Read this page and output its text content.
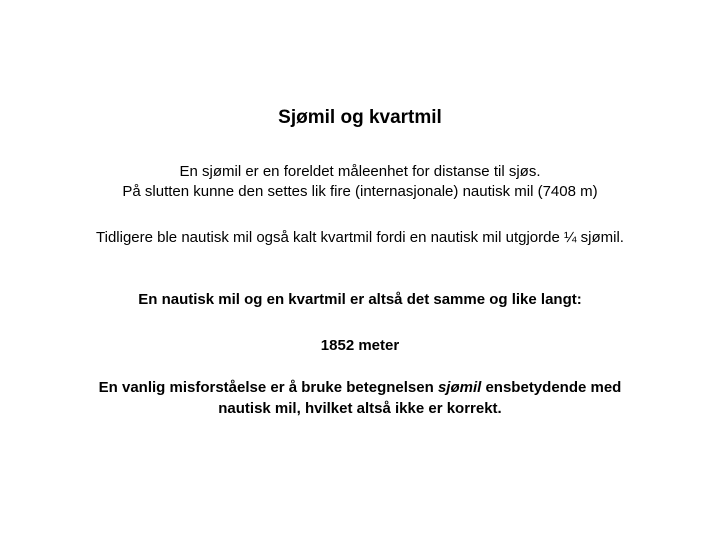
Sjømil og kvartmil
En sjømil er en foreldet måleenhet for distanse til sjøs.
På slutten kunne den settes lik fire (internasjonale) nautisk mil (7408 m)
Tidligere ble nautisk mil også kalt kvartmil fordi en nautisk mil utgjorde ¼ sjømil.
En nautisk mil og en kvartmil er altså det samme og like langt:
1852 meter
En vanlig misforståelse er å bruke betegnelsen sjømil ensbetydende med
nautisk mil, hvilket altså ikke er korrekt.
